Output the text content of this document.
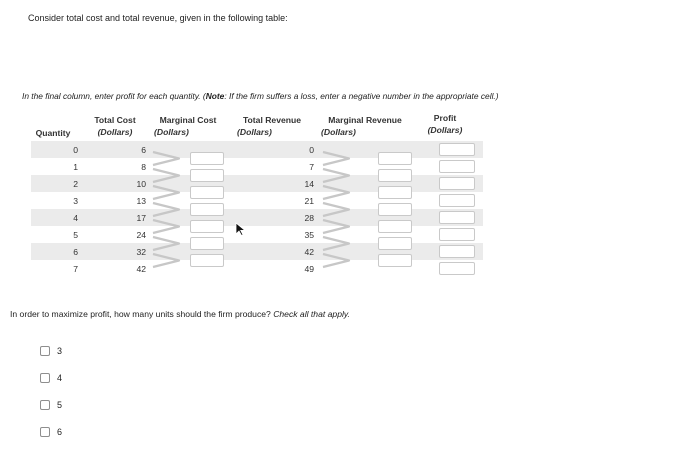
Consider total cost and total revenue, given in the following table:
In the final column, enter profit for each quantity. (Note: If the firm suffers a loss, enter a negative number in the appropriate cell.)
Quantity
Total Cost
(Dollars)
Marginal Cost
(Dollars)
Total Revenue
(Dollars)
Marginal Revenue
(Dollars)
Profit
(Dollars)
0	6	0
1	8	7
2	10	14
3	13	21
4	17	28
5	24	35
6	32	42
7	42	49
In order to maximize profit, how many units should the firm produce? Check all that apply.
3
4
5
6
